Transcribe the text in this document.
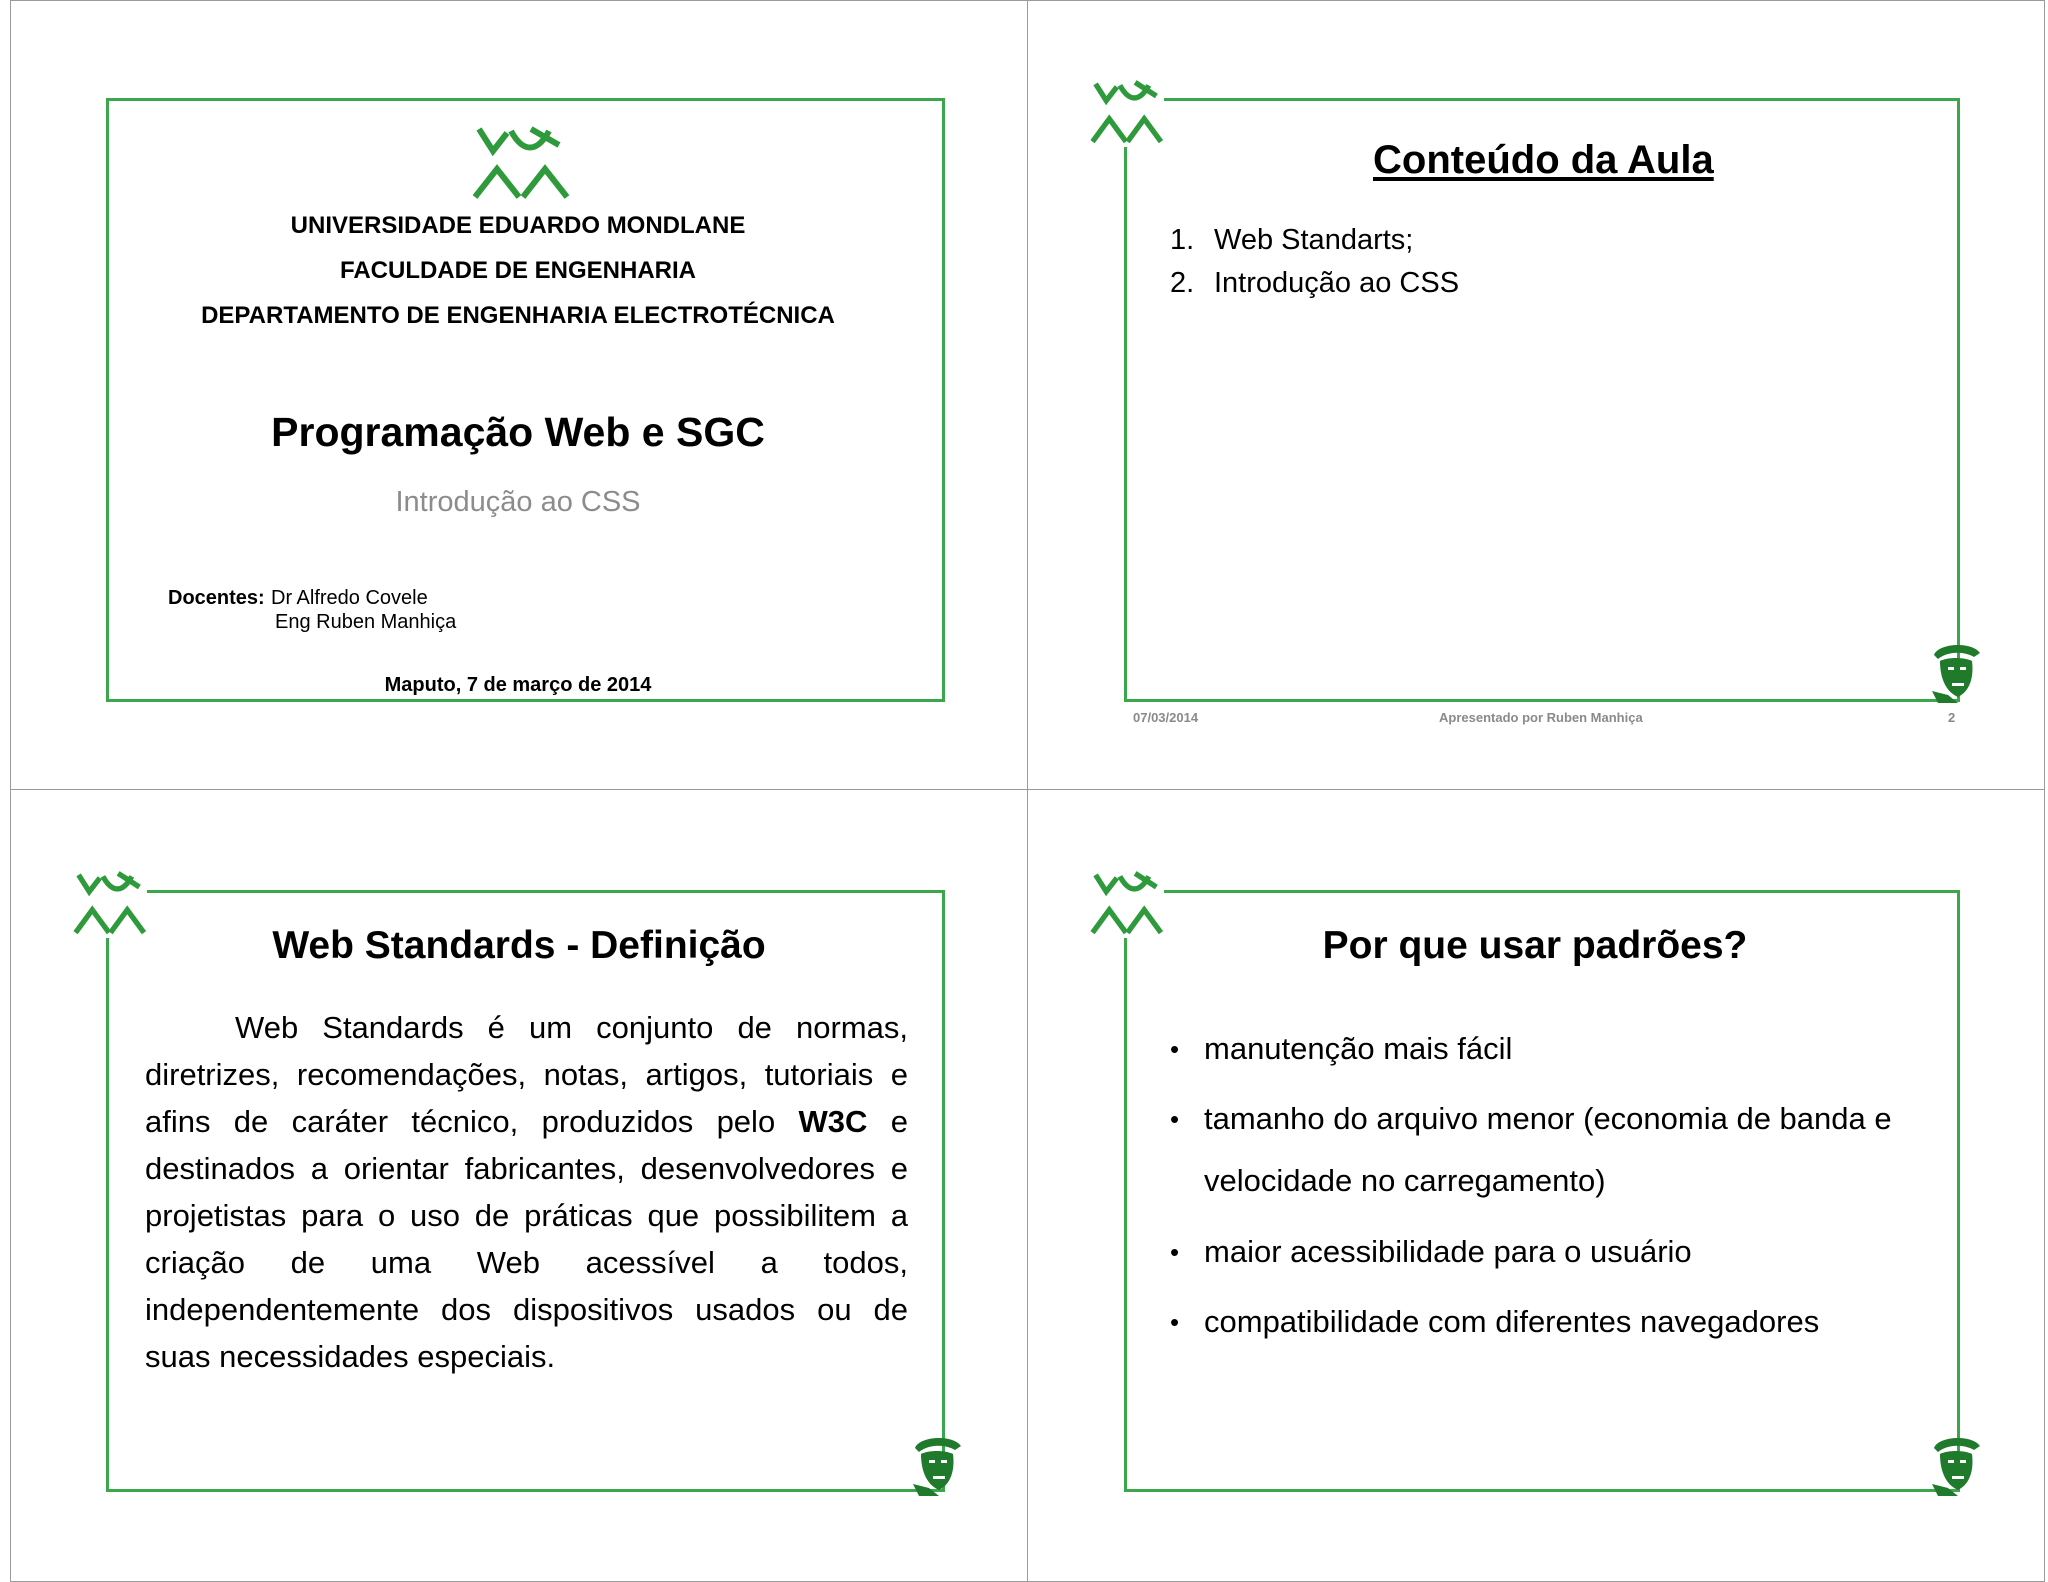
UNIVERSIDADE EDUARDO MONDLANE
FACULDADE DE ENGENHARIA
DEPARTAMENTO DE ENGENHARIA ELECTROTÉCNICA
Programação Web e SGC
Introdução ao CSS
Docentes: Dr Alfredo Covele
Eng Ruben Manhiça
Maputo, 7 de março de 2014
Conteúdo da Aula
1. Web Standarts;
2. Introdução ao CSS
07/03/2014	Apresentado por Ruben Manhiça	2
Web Standards - Definição
Web Standards é um conjunto de normas, diretrizes, recomendações, notas, artigos, tutoriais e afins de caráter técnico, produzidos pelo W3C e destinados a orientar fabricantes, desenvolvedores e projetistas para o uso de práticas que possibilitem a criação de uma Web acessível a todos, independentemente dos dispositivos usados ou de suas necessidades especiais.
Por que usar padrões?
• manutenção mais fácil
• tamanho do arquivo menor (economia de banda e velocidade no carregamento)
• maior acessibilidade para o usuário
• compatibilidade com diferentes navegadores
